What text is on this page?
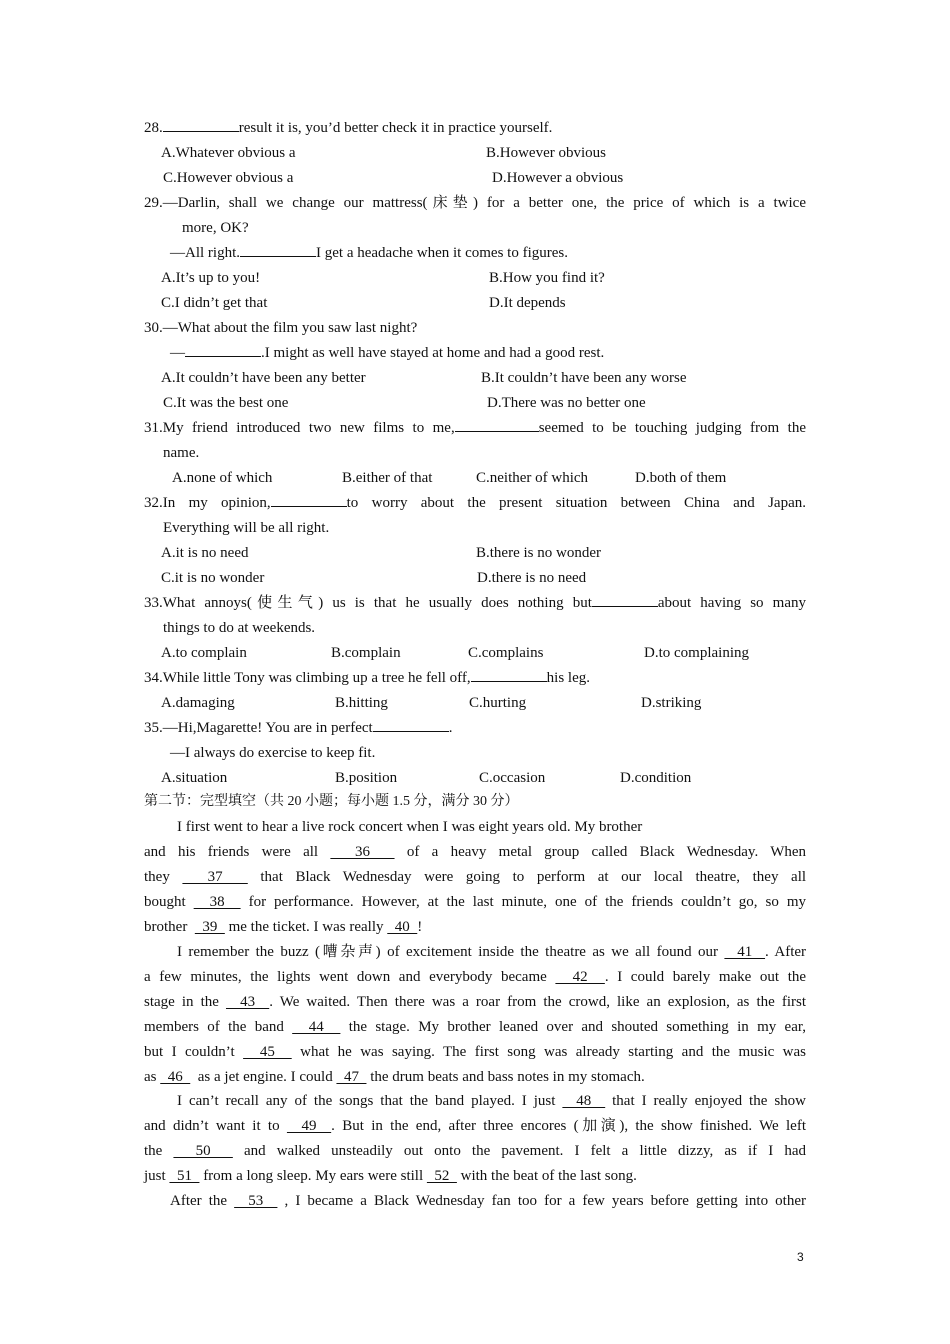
28.	result it is, you’d better check it in practice yourself.
A.Whatever obvious a	B.However obvious
C.However obvious a	D.However a obvious
29.—Darlin, shall we change our mattress(床垫) for a better one, the price of which is a twice
more, OK?
—All right.	I get a headache when it comes to figures.
A.It’s up to you!	B.How you find it?
C.I didn’t get that	D.It depends
30.—What about the film you saw last night?
—	.I might as well have stayed at home and had a good rest.
A.It couldn’t have been any better	B.It couldn’t have been any worse
C.It was the best one	D.There was no better one
31.My friend introduced two new films to me,	seemed to be touching judging from the
name.
A.none of which	B.either of that	C.neither of which	D.both of them
32.In my opinion,	to worry about the present situation between China and Japan.
Everything will be all right.
A.it is no need	B.there is no wonder
C.it is no wonder	D.there is no need
33.What annoys(使生气) us is that he usually does nothing but	about having so many
things to do at weekends.
A.to complain	B.complain	C.complains	D.to complaining
34.While little Tony was climbing up a tree he fell off,	his leg.
A.damaging	B.hitting	C.hurting	D.striking
35.—Hi,Magarette! You are in perfect	.
—I always do exercise to keep fit.
A.situation	B.position	C.occasion	D.condition
第二节：完型填空（共 20 小题；每小题 1.5 分，满分 30 分）
I first went to hear a live rock concert when I was eight years old. My brother
and his friends were all   36   of a heavy metal group called Black Wednesday. When
they   37   that Black Wednesday were going to perform at our local theatre, they all
bought   38   for performance. However, at the last minute, one of the friends couldn’t go, so my
brother    39   me the ticket. I was really   40  !
I remember the buzz (嘈杂声) of excitement inside the theatre as we all found our   41  . After
a few minutes, the lights went down and everybody became   42  . I could barely make out the
stage in the   43  . We waited. Then there was a roar from the crowd, like an explosion, as the first
members of the band   44   the stage. My brother leaned over and shouted something in my ear,
but I couldn’t   45   what he was saying. The first song was already starting and the music was
as   46    as a jet engine. I could   47   the drum beats and bass notes in my stomach.
I can’t recall any of the songs that the band played. I just   48   that I really enjoyed the show
and didn’t want it to   49  . But in the end, after three encores (加演), the show finished. We left
the   50   and walked unsteadily out onto the pavement. I felt a little dizzy, as if I had
just   51   from a long sleep. My ears were still   52   with the beat of the last song.
After the   53   , I became a Black Wednesday fan too for a few years before getting into other
3
